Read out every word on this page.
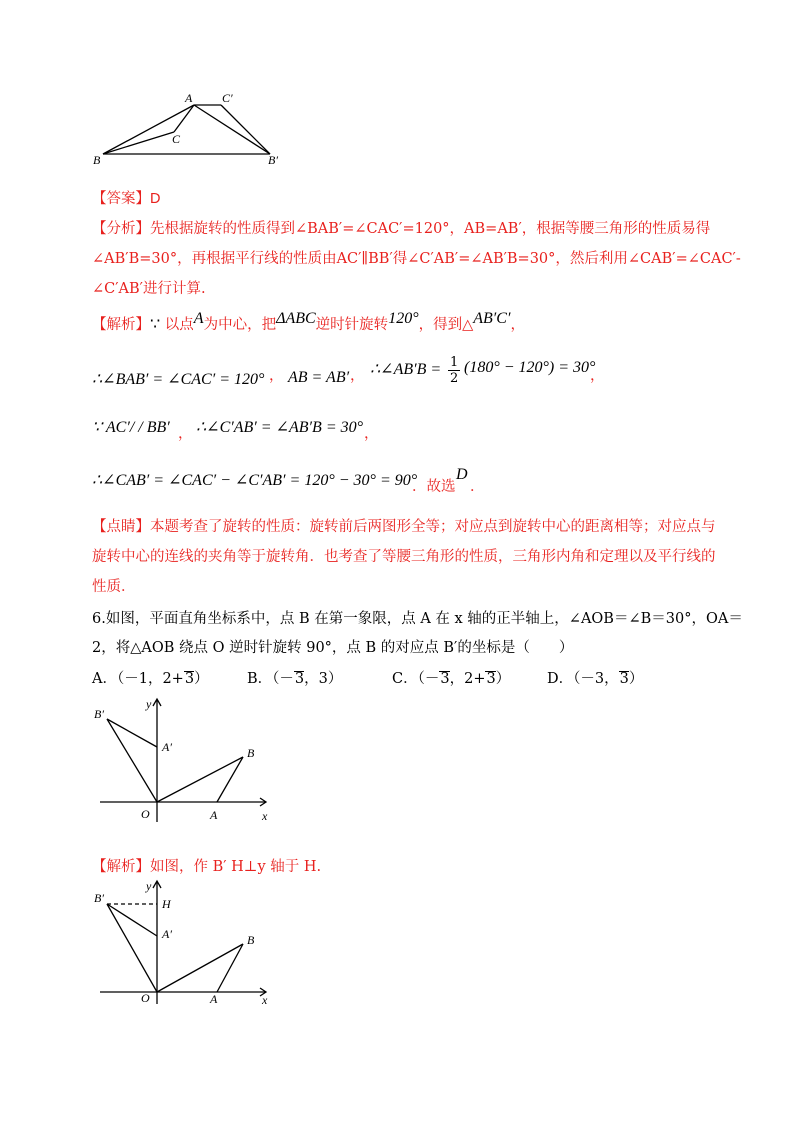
A C′
C
B	B′
【答案】D
【分析】先根据旋转的性质得到∠BAB′=∠CAC′=120°，AB=AB′，根据等腰三角形的性质易得
∠AB′B=30°，再根据平行线的性质由AC′∥BB′得∠C′AB′=∠AB′B=30°，然后利用∠CAB′=∠CAC′-
∠C′AB′进行计算.
【解析】∵ 以点A为中心，把ΔABC逆时针旋转120°，得到△AB′C′，
∴∠BAB′ = ∠CAC′ = 120° ， AB = AB′ ， ∴∠AB′B = $\frac{1}{2} (180^\circ - 120^\circ) = 30^\circ$
，
∵ AC′/ / BB′ ， ∴∠C′AB′ = ∠AB′B = 30° ，
∴∠CAB′ = ∠CAC′ − ∠C′AB′ = 120° − 30° = 90°
．故选
D
．
【点睛】本题考查了旋转的性质：旋转前后两图形全等；对应点到旋转中心的距离相等；对应点与
旋转中心的连线的夹角等于旋转角．也考查了等腰三角形的性质，三角形内角和定理以及平行线的
性质．
6.如图，平面直角坐标系中，点 B 在第一象限，点 A 在 x 轴的正半轴上，∠AOB＝∠B＝30°，OA＝
2，将△AOB 绕点 O 逆时针旋转 90°，点 B 的对应点 B′的坐标是（　　）
A．（－1，2+3）	B．（－3，3）	C．（－3，2+3）	D．（－3，3）
B′
y
A′	B
O	A	x
【解析】如图，作 B′ H⊥y 轴于 H.
B′
y
H
A′	B
O	A	x
